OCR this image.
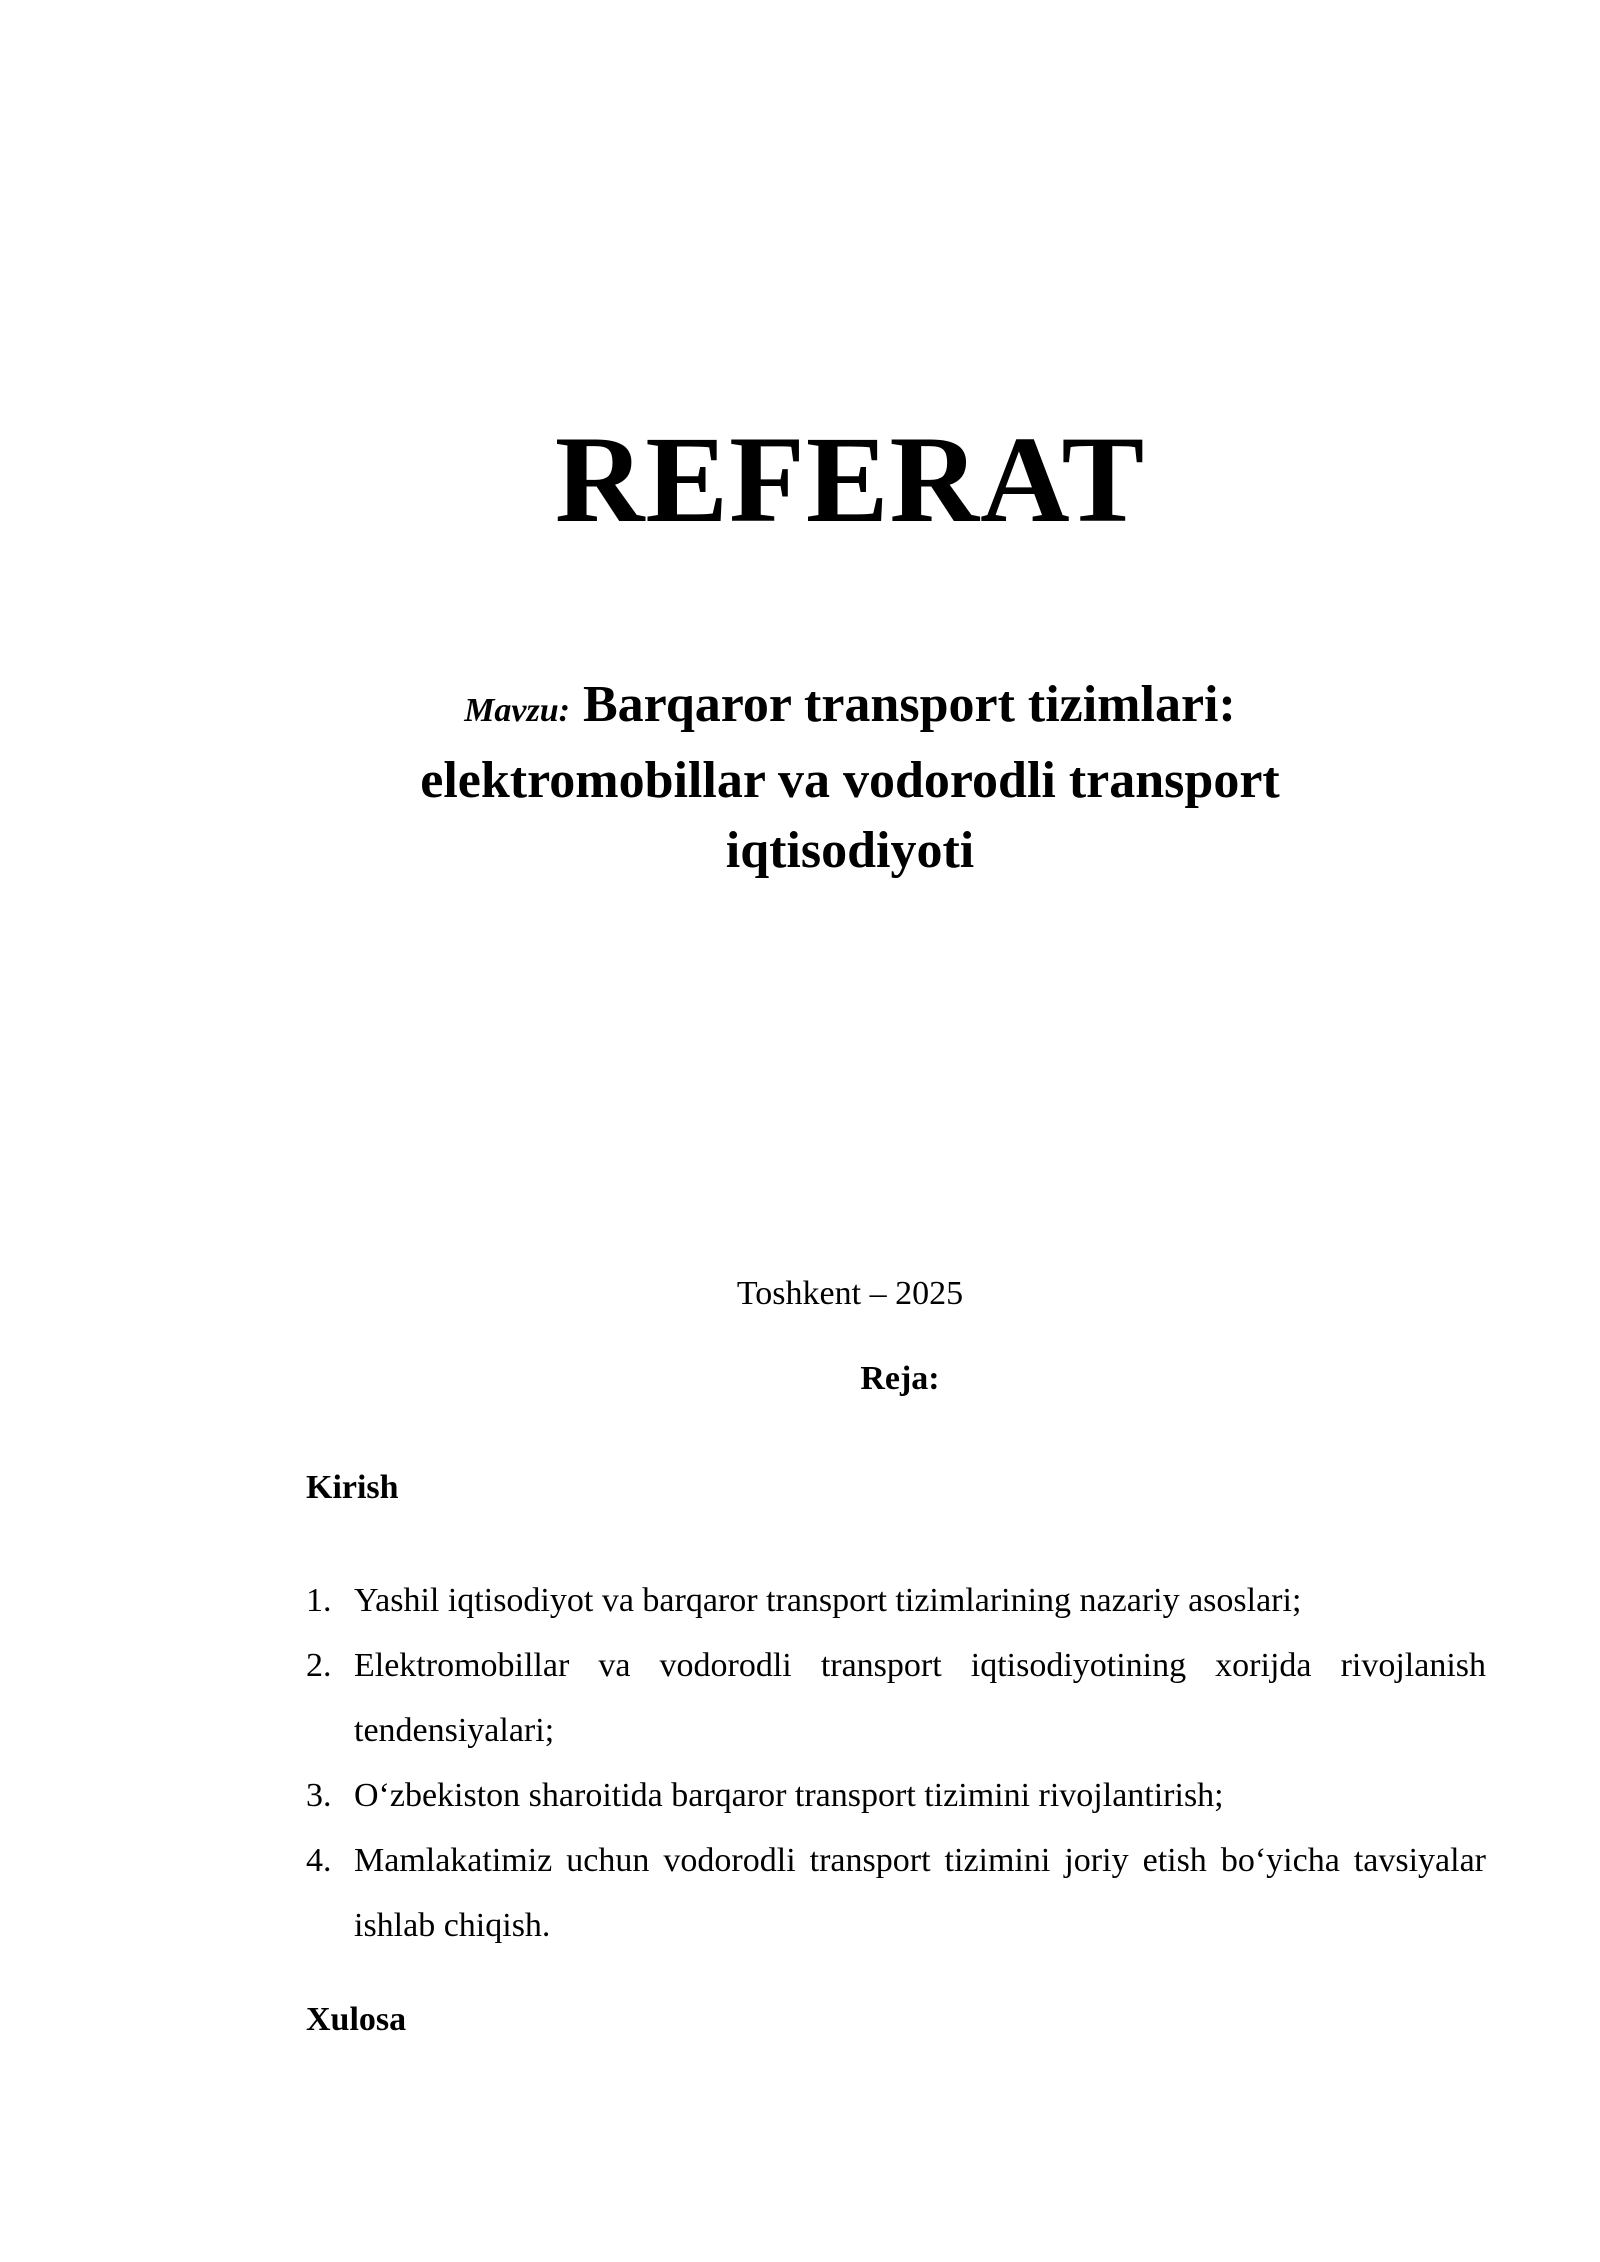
REFERAT
Mavzu: Barqaror transport tizimlari: elektromobillar va vodorodli transport iqtisodiyoti
Toshkent – 2025
Reja:
Kirish
1. Yashil iqtisodiyot va barqaror transport tizimlarining nazariy asoslari;
2. Elektromobillar va vodorodli transport iqtisodiyotining xorijda rivojlanish tendensiyalari;
3. O‘zbekiston sharoitida barqaror transport tizimini rivojlantirish;
4. Mamlakatimiz uchun vodorodli transport tizimini joriy etish bo‘yicha tavsiyalar ishlab chiqish.
Xulosa
